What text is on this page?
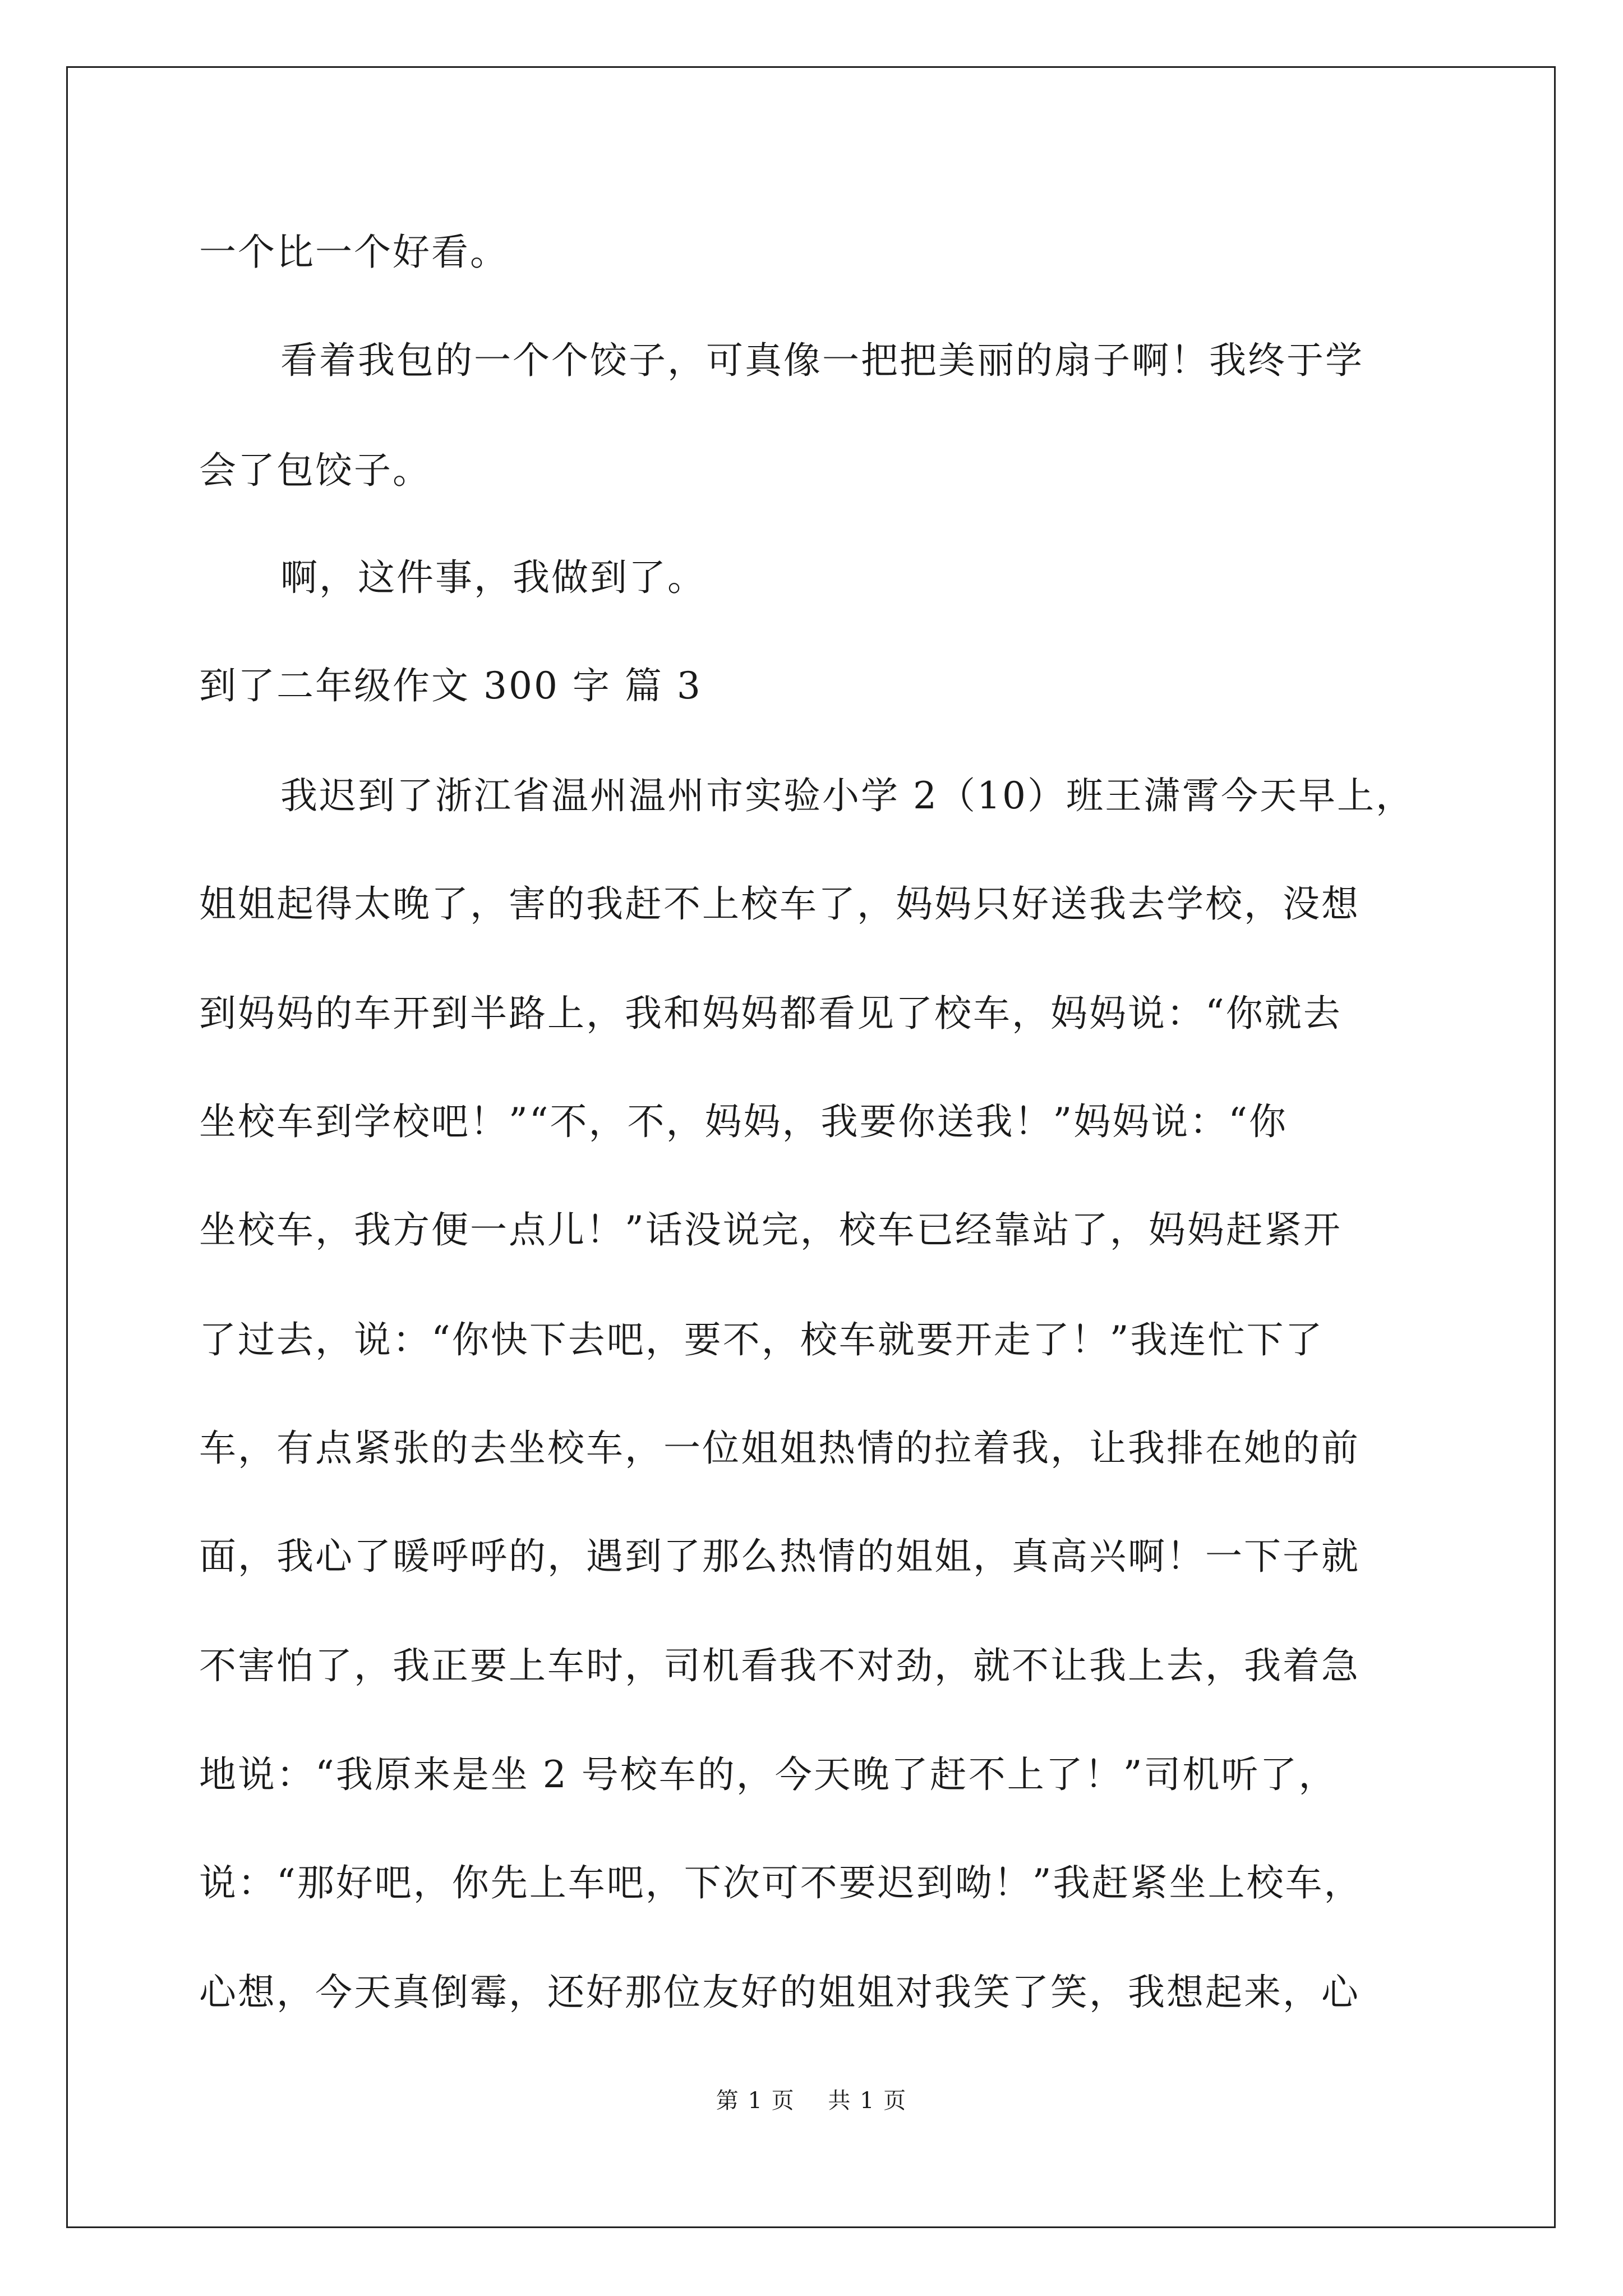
一个比一个好看。
看着我包的一个个饺子，可真像一把把美丽的扇子啊！我终于学
会了包饺子。
啊，这件事，我做到了。
到了二年级作文 300 字 篇 3
我迟到了浙江省温州温州市实验小学 2（10）班王潇霄今天早上，
姐姐起得太晚了，害的我赶不上校车了，妈妈只好送我去学校，没想
到妈妈的车开到半路上，我和妈妈都看见了校车，妈妈说：“你就去
坐校车到学校吧！”“不，不，妈妈，我要你送我！”妈妈说：“你
坐校车，我方便一点儿！”话没说完，校车已经靠站了，妈妈赶紧开
了过去，说：“你快下去吧，要不，校车就要开走了！”我连忙下了
车，有点紧张的去坐校车，一位姐姐热情的拉着我，让我排在她的前
面，我心了暖呼呼的，遇到了那么热情的姐姐，真高兴啊！一下子就
不害怕了，我正要上车时，司机看我不对劲，就不让我上去，我着急
地说：“我原来是坐 2 号校车的，今天晚了赶不上了！”司机听了，
说：“那好吧，你先上车吧，下次可不要迟到呦！”我赶紧坐上校车，
心想，今天真倒霉，还好那位友好的姐姐对我笑了笑，我想起来，心
第 1 页 共 1 页
